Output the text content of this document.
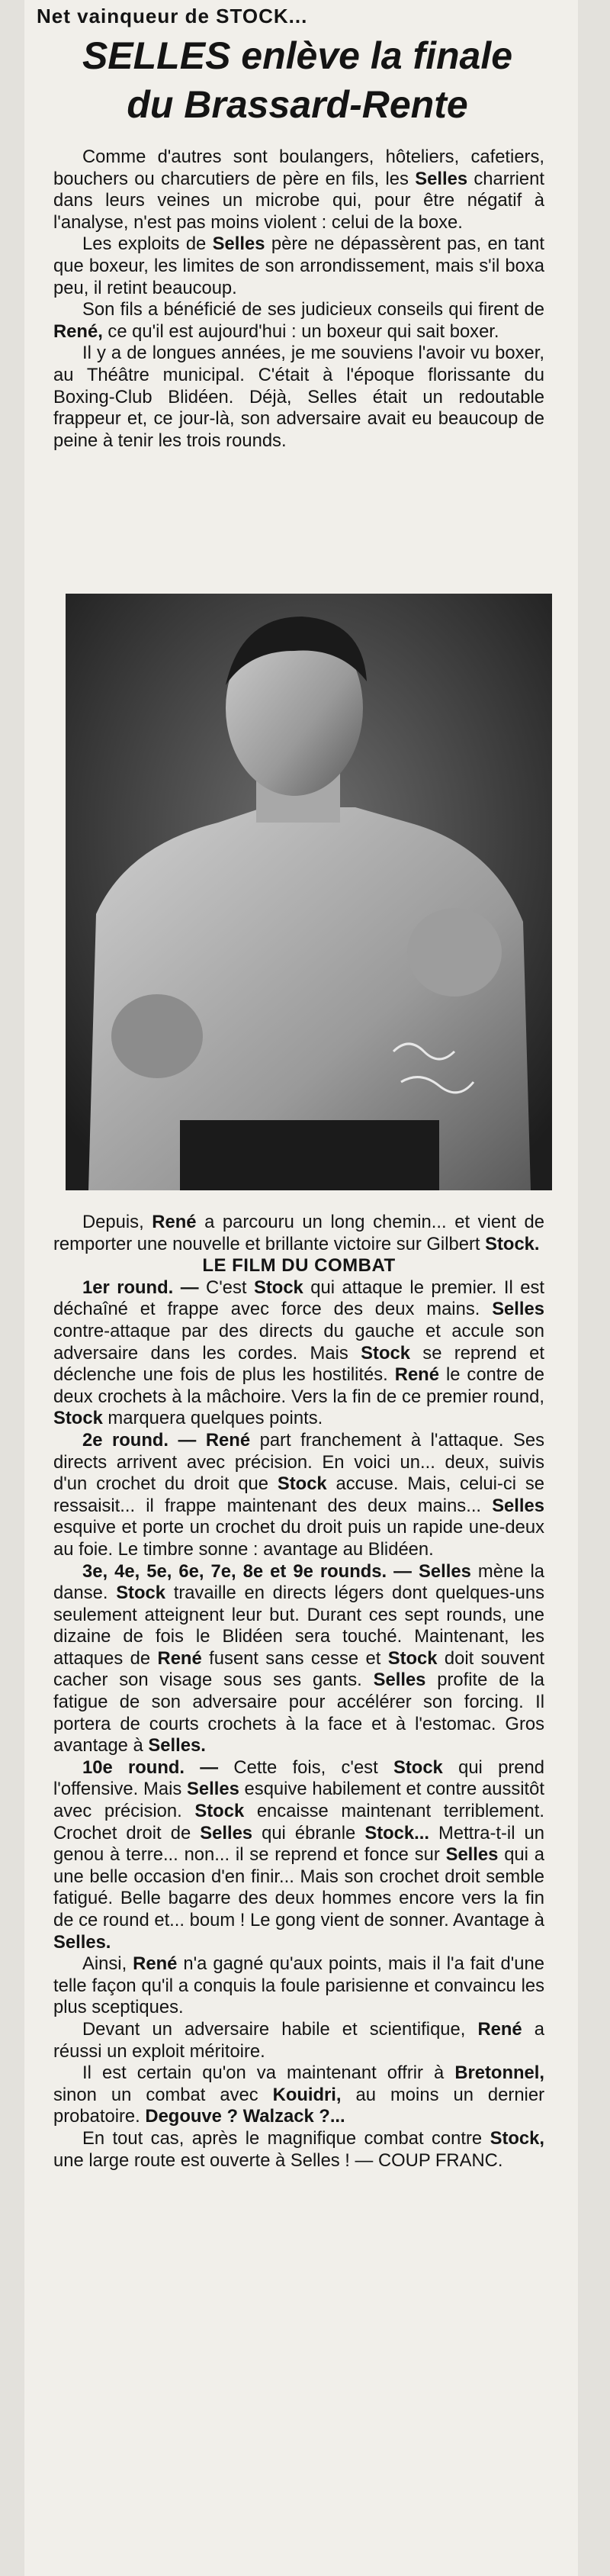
Net vainqueur de STOCK...
SELLES enlève la finale
du Brassard-Rente

Comme d'autres sont boulangers, hôteliers, cafetiers, bouchers ou charcutiers de père en fils, les Selles charrient dans leurs veines un microbe qui, pour être négatif à l'analyse, n'est pas moins violent : celui de la boxe.

Les exploits de Selles père ne dépassèrent pas, en tant que boxeur, les limites de son arrondissement, mais s'il boxa peu, il retint beaucoup.

Son fils a bénéficié de ses judicieux conseils qui firent de René, ce qu'il est aujourd'hui : un boxeur qui sait boxer.

Il y a de longues années, je me souviens l'avoir vu boxer, au Théâtre municipal. C'était à l'époque florissante du Boxing-Club Blidéen. Déjà, Selles était un redoutable frappeur et, ce jour-là, son adversaire avait eu beaucoup de peine à tenir les trois rounds.

Depuis, René a parcouru un long chemin... et vient de remporter une nouvelle et brillante victoire sur Gilbert Stock.

LE FILM DU COMBAT

1er round. — C'est Stock qui attaque le premier. Il est déchaîné et frappe avec force des deux mains. Selles contre-attaque par des directs du gauche et accule son adversaire dans les cordes. Mais Stock se reprend et déclenche une fois de plus les hostilités. René le contre de deux crochets à la mâchoire. Vers la fin de ce premier round, Stock marquera quelques points.

2e round. — René part franchement à l'attaque. Ses directs arrivent avec précision. En voici un... deux, suivis d'un crochet du droit que Stock accuse. Mais, celui-ci se ressaisit... il frappe maintenant des deux mains... Selles esquive et porte un crochet du droit puis un rapide une-deux au foie. Le timbre sonne : avantage au Blidéen.

3e, 4e, 5e, 6e, 7e, 8e et 9e rounds. — Selles mène la danse. Stock travaille en directs légers dont quelques-uns seulement atteignent leur but. Durant ces sept rounds, une dizaine de fois le Blidéen sera touché. Maintenant, les attaques de René fusent sans cesse et Stock doit souvent cacher son visage sous ses gants. Selles profite de la fatigue de son adversaire pour accélérer son forcing. Il portera de courts crochets à la face et à l'estomac. Gros avantage à Selles.

10e round. — Cette fois, c'est Stock qui prend l'offensive. Mais Selles esquive habilement et contre aussitôt avec précision. Stock encaisse maintenant terriblement. Crochet droit de Selles qui ébranle Stock... Mettra-t-il un genou à terre... non... il se reprend et fonce sur Selles qui a une belle occasion d'en finir... Mais son crochet droit semble fatigué. Belle bagarre des deux hommes encore vers la fin de ce round et... boum ! Le gong vient de sonner. Avantage à Selles.

Ainsi, René n'a gagné qu'aux points, mais il l'a fait d'une telle façon qu'il a conquis la foule parisienne et convaincu les plus sceptiques.

Devant un adversaire habile et scientifique, René a réussi un exploit méritoire.

Il est certain qu'on va maintenant offrir à Bretonnel, sinon un combat avec Kouidri, au moins un dernier probatoire. Degouve ? Walzack ?...

En tout cas, après le magnifique combat contre Stock, une large route est ouverte à Selles ! — COUP FRANC.
